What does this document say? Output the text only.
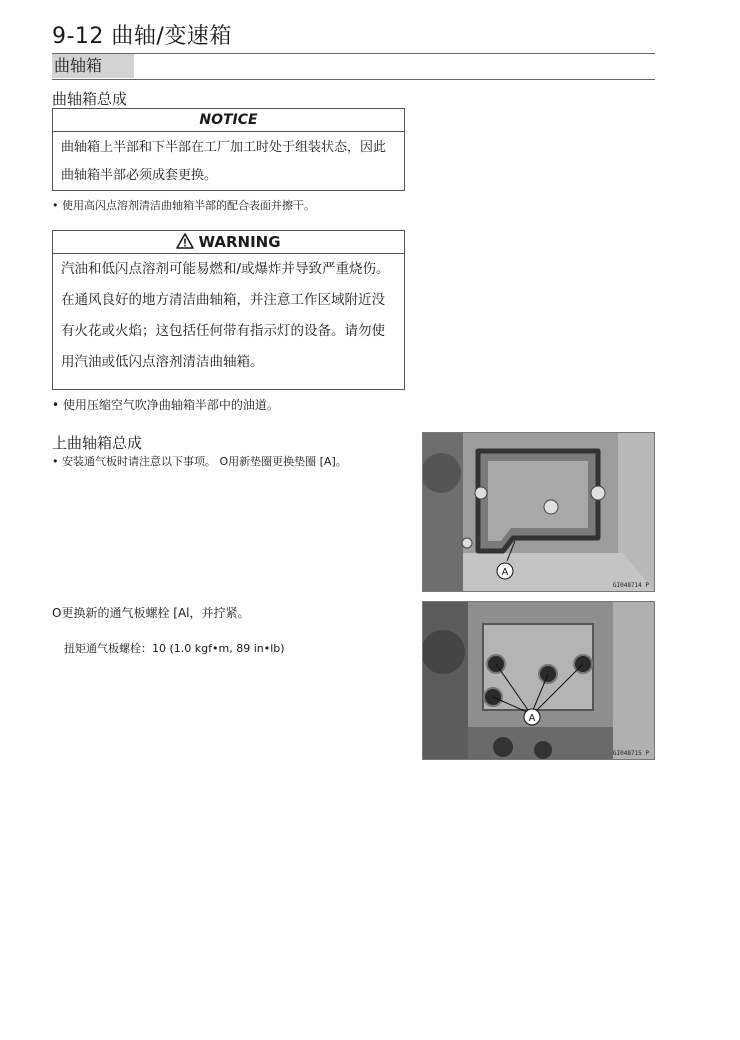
9-12 曲轴/变速箱
曲轴箱
曲轴箱总成
NOTICE
曲轴箱上半部和下半部在工厂加工时处于组装状态，因此曲轴箱半部必须成套更换。
• 使用高闪点溶剂清洁曲轴箱半部的配合表面并擦干。
WARNING
汽油和低闪点溶剂可能易燃和/或爆炸并导致严重烧伤。在通风良好的地方清洁曲轴箱，并注意工作区域附近没有火花或火焰；这包括任何带有指示灯的设备。请勿使用汽油或低闪点溶剂清洁曲轴箱。
• 使用压缩空气吹净曲轴箱半部中的油道。
上曲轴箱总成
• 安装通气板时请注意以下事项。 O用新垫圈更换垫圈 [A]。
O更换新的通气板螺栓 [Al，并拧紧。
扭矩通气板螺栓：10 (1.0 kgf•m, 89 in•lb)
A
GI048714 P
A
GI048715 P
